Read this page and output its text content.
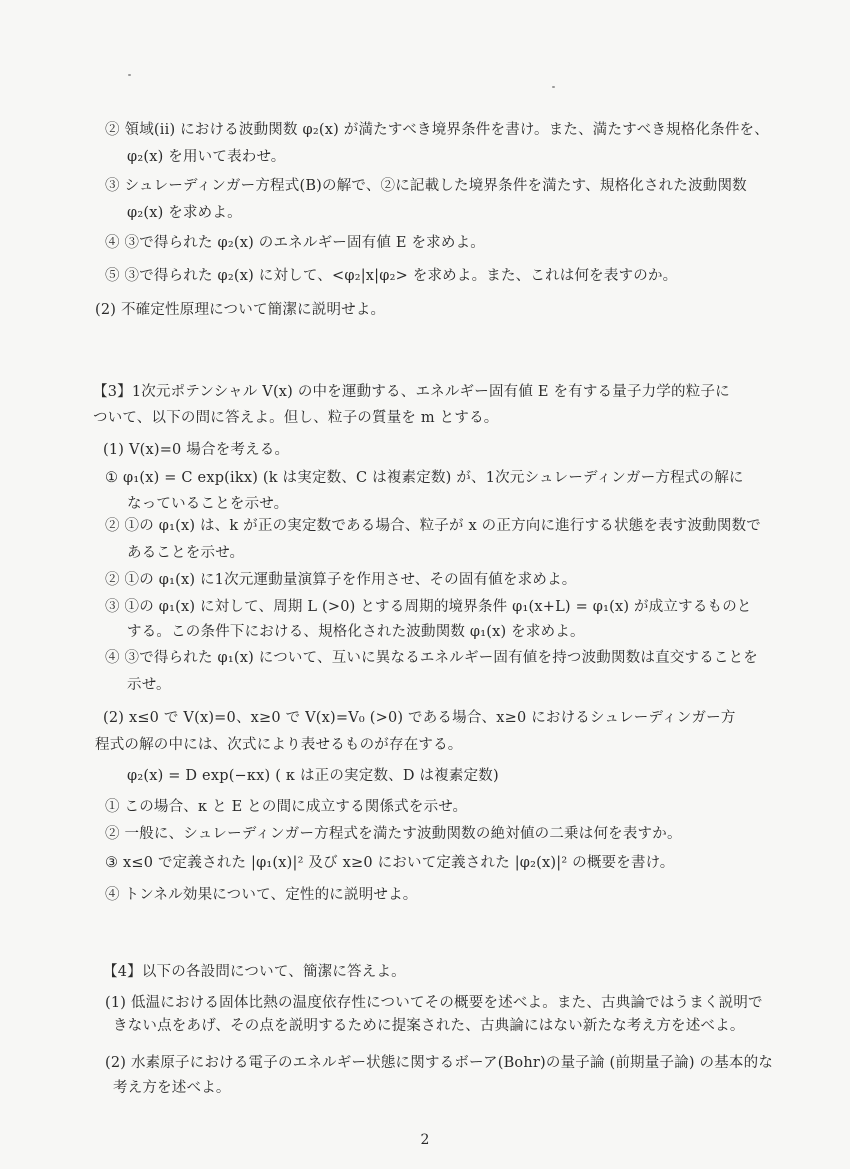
② 領域(ii) における波動関数 φ₂(x) が満たすべき境界条件を書け。また、満たすべき規格化条件を、
φ₂(x) を用いて表わせ。
③ シュレーディンガー方程式(B)の解で、②に記載した境界条件を満たす、規格化された波動関数
φ₂(x) を求めよ。
④ ③で得られた φ₂(x) のエネルギー固有値 E を求めよ。
⑤ ③で得られた φ₂(x) に対して、<φ₂|x|φ₂> を求めよ。また、これは何を表すのか。
(2) 不確定性原理について簡潔に説明せよ。
【3】1次元ポテンシャル V(x) の中を運動する、エネルギー固有値 E を有する量子力学的粒子に
ついて、以下の問に答えよ。但し、粒子の質量を m とする。
(1) V(x)=0 場合を考える。
① φ₁(x) = C exp(ikx) (k は実定数、C は複素定数) が、1次元シュレーディンガー方程式の解に
なっていることを示せ。
② ①の φ₁(x) は、k が正の実定数である場合、粒子が x の正方向に進行する状態を表す波動関数で
あることを示せ。
② ①の φ₁(x) に1次元運動量演算子を作用させ、その固有値を求めよ。
③ ①の φ₁(x) に対して、周期 L (>0) とする周期的境界条件 φ₁(x+L) = φ₁(x) が成立するものと
する。この条件下における、規格化された波動関数 φ₁(x) を求めよ。
④ ③で得られた φ₁(x) について、互いに異なるエネルギー固有値を持つ波動関数は直交することを
示せ。
(2) x≤0 で V(x)=0、x≥0 で V(x)=V₀ (>0) である場合、x≥0 におけるシュレーディンガー方
程式の解の中には、次式により表せるものが存在する。
φ₂(x) = D exp(−κx) ( κ は正の実定数、D は複素定数)
① この場合、κ と E との間に成立する関係式を示せ。
② 一般に、シュレーディンガー方程式を満たす波動関数の絶対値の二乗は何を表すか。
③ x≤0 で定義された |φ₁(x)|² 及び x≥0 において定義された |φ₂(x)|² の概要を書け。
④ トンネル効果について、定性的に説明せよ。
【4】以下の各設問について、簡潔に答えよ。
(1) 低温における固体比熱の温度依存性についてその概要を述べよ。また、古典論ではうまく説明で
きない点をあげ、その点を説明するために提案された、古典論にはない新たな考え方を述べよ。
(2) 水素原子における電子のエネルギー状態に関するボーア(Bohr)の量子論 (前期量子論) の基本的な
考え方を述べよ。
2
